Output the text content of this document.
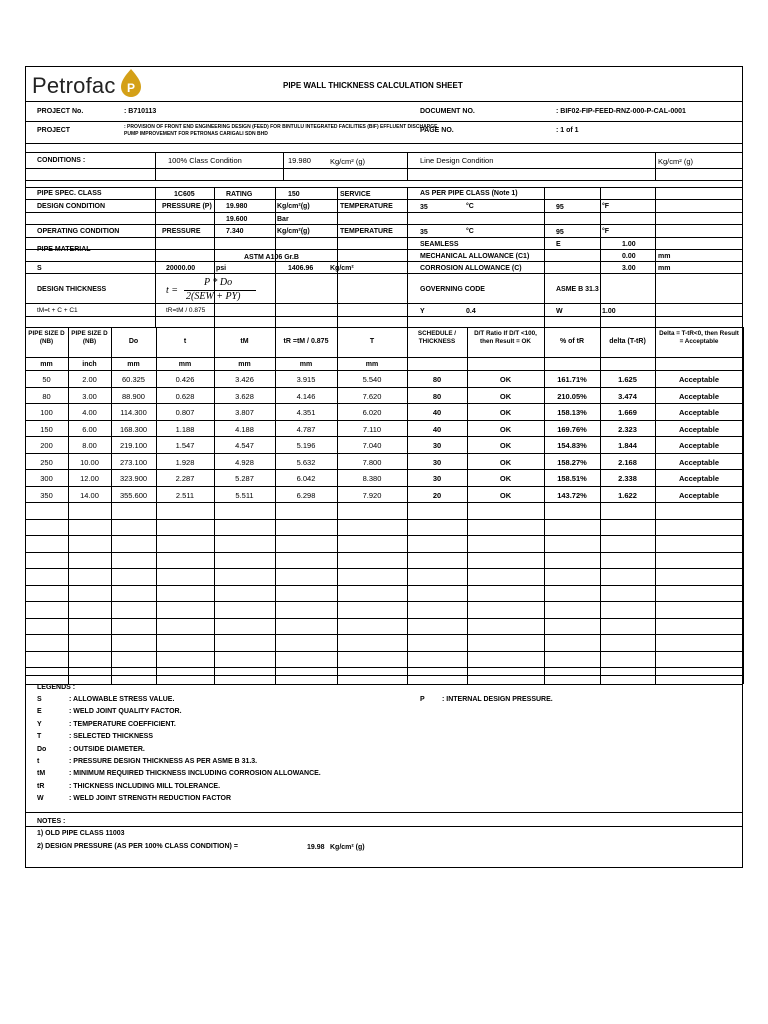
Petrofac P	PIPE WALL THICKNESS CALCULATION SHEET
PROJECT No.	: B710113	DOCUMENT NO.	: BIF02-FIP-FEED-RNZ-000-P-CAL-0001
PROJECT	: PROVISION OF FRONT END ENGINEERING DESIGN (FEED) FOR BINTULU INTEGRATED FACILITIES (BIF) EFFLUENT DISCHARGE
PUMP IMPROVEMENT FOR PETRONAS CARIGALI SDN BHD	PAGE NO.	: 1 of 1
CONDITIONS :	100% Class Condition	19.980	Kg/cm² (g)	Line Design Condition	Kg/cm² (g)
PIPE SPEC. CLASS	1C605	RATING	150	SERVICE	AS PER PIPE CLASS (Note 1)
DESIGN CONDITION	PRESSURE (P) 19.980	Kg/cm²(g)	TEMPERATURE	35	°C	95	°F
19.600	Bar
OPERATING CONDITION	PRESSURE	7.340	Kg/cm²(g)	TEMPERATURE	35	°C	95	°F
PIPE MATERIAL
SEAMLESS	E	1.00
ASTM A106 Gr.B	MECHANICAL ALLOWANCE (C1)	0.00	mm
S	20000.00	psi	1406.96 Kg/cm²	CORROSION ALLOWANCE (C)	3.00	mm
DESIGN THICKNESS	t =
P * Do
2(SEW + PY)
GOVERNING CODE	ASME B 31.3
tM=t + C + C1	tR=tM / 0.875	Y	0.4	W	1.00
PIPE SIZE D (NB)
PIPE SIZE D (NB)	Do	t	tM	tR =tM / 0.875	T
SCHEDULE / THICKNESS
D/T Ratio If D/T <100, then Result = OK	% of tR	delta (T-tR)
Delta = T-tR<0, then Result = Acceptable
mm	inch	mm	mm	mm	mm	mm
50	2.00	60.325	0.426	3.426	3.915	5.540	80	OK	161.71%	1.625	Acceptable
80	3.00	88.900	0.628	3.628	4.146	7.620	80	OK	210.05%	3.474	Acceptable
100	4.00	114.300	0.807	3.807	4.351	6.020	40	OK	158.13%	1.669	Acceptable
150	6.00	168.300	1.188	4.188	4.787	7.110	40	OK	169.76%	2.323	Acceptable
200	8.00	219.100	1.547	4.547	5.196	7.040	30	OK	154.83%	1.844	Acceptable
250	10.00	273.100	1.928	4.928	5.632	7.800	30	OK	158.27%	2.168	Acceptable
300	12.00	323.900	2.287	5.287	6.042	8.380	30	OK	158.51%	2.338	Acceptable
350	14.00	355.600	2.511	5.511	6.298	7.920	20	OK	143.72%	1.622	Acceptable
LEGENDS :
S	: ALLOWABLE STRESS VALUE.
E	: WELD JOINT QUALITY FACTOR.
Y	: TEMPERATURE COEFFICIENT.
T	: SELECTED THICKNESS
Do	: OUTSIDE DIAMETER.
t	: PRESSURE DESIGN THICKNESS AS PER ASME B 31.3.
tM	: MINIMUM REQUIRED THICKNESS INCLUDING CORROSION ALLOWANCE.
tR	: THICKNESS INCLUDING MILL TOLERANCE.
W	: WELD JOINT STRENGTH REDUCTION FACTOR
P : INTERNAL DESIGN PRESSURE.
NOTES :
1) OLD PIPE CLASS 11003
2) DESIGN PRESSURE (AS PER 100% CLASS CONDITION) =	19.98 Kg/cm² (g)
